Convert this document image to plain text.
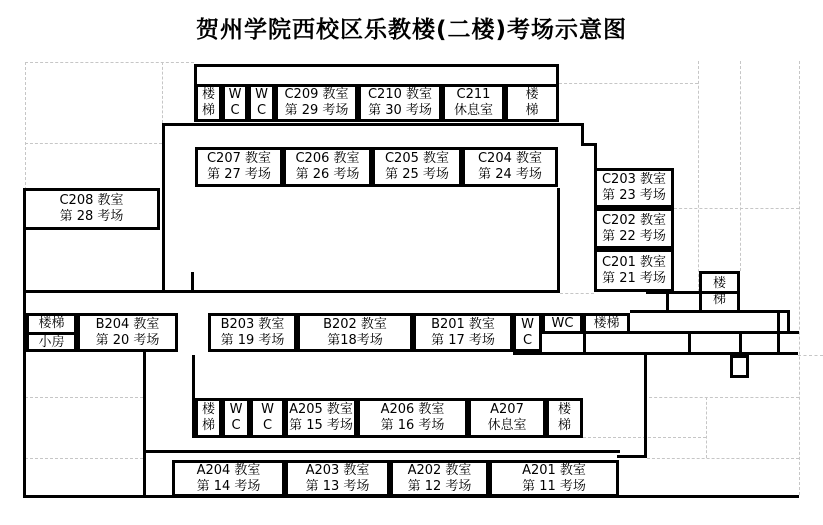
贺州学院西校区乐教楼(二楼)考场示意图
楼
梯
W
C
W
C
C209 教室
第 29 考场
C210 教室
第 30 考场
C211
休息室
楼
梯
C207 教室
第 27 考场
C206 教室
第 26 考场
C205 教室
第 25 考场
C204 教室
第 24 考场	C203 教室
第 23 考场
C202 教室
第 22 考场
C201 教室
第 21 考场	楼
梯
C208 教室
第 28 考场
楼梯
小房
B204 教室
第 20 考场
B203 教室
第 19 考场
B202 教室
第18考场
B201 教室
第 17 考场
W
C
WC 楼梯
楼
梯
W
C
W
C
A205 教室
第 15 考场
A206 教室
第 16 考场
A207
休息室
楼
梯
A204 教室
第 14 考场
A203 教室
第 13 考场
A202 教室
第 12 考场
A201 教室
第 11 考场
